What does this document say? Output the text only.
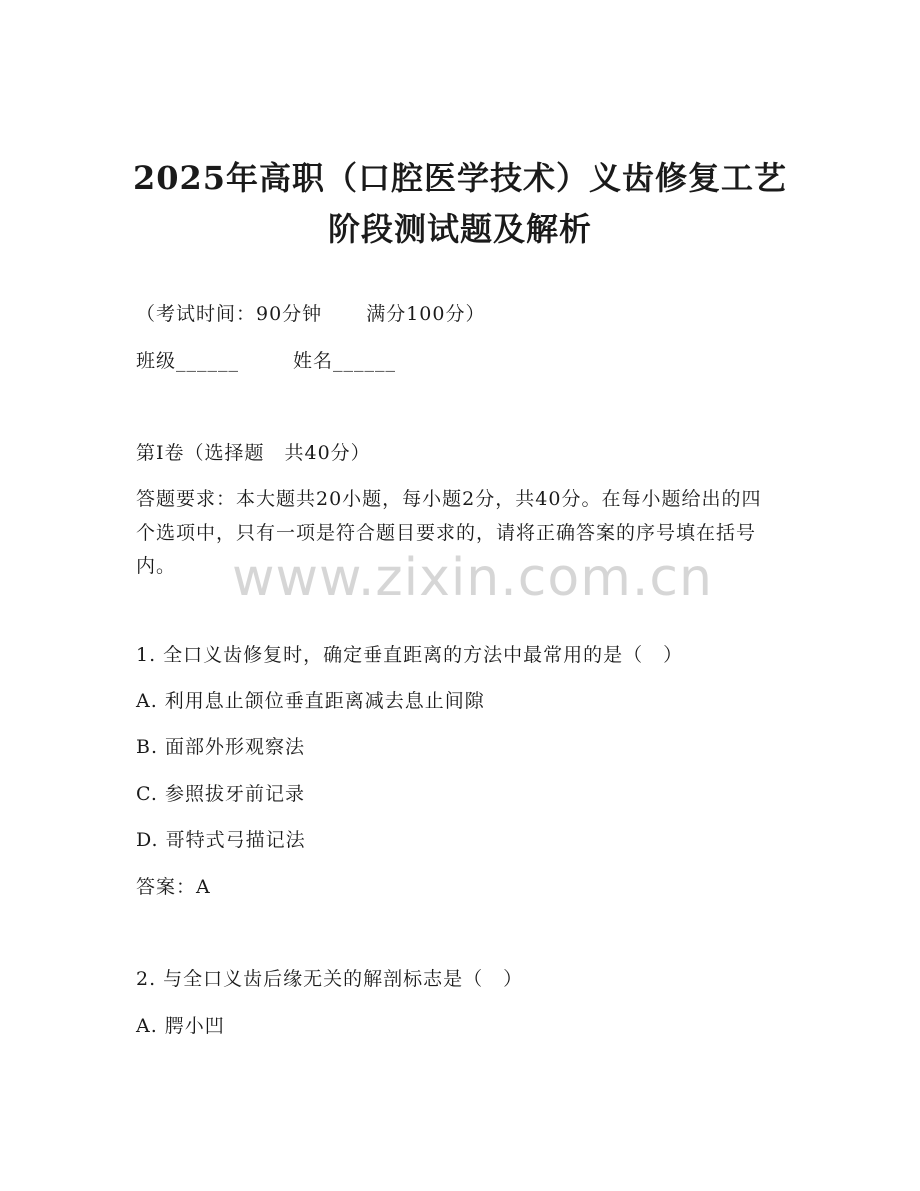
2025年高职（口腔医学技术）义齿修复工艺
阶段测试题及解析

（考试时间：90分钟 满分100分）

班级______	姓名______

第I卷（选择题　共40分）

答题要求：本大题共20小题，每小题2分，共40分。在每小题给出的四个选项中，只有一项是符合题目要求的，请将正确答案的序号填在括号内。

1. 全口义齿修复时，确定垂直距离的方法中最常用的是（　）

A. 利用息止颌位垂直距离减去息止间隙

B. 面部外形观察法

C. 参照拔牙前记录

D. 哥特式弓描记法

答案：A

2. 与全口义齿后缘无关的解剖标志是（　）

A. 腭小凹

www.zixin.com.cn
